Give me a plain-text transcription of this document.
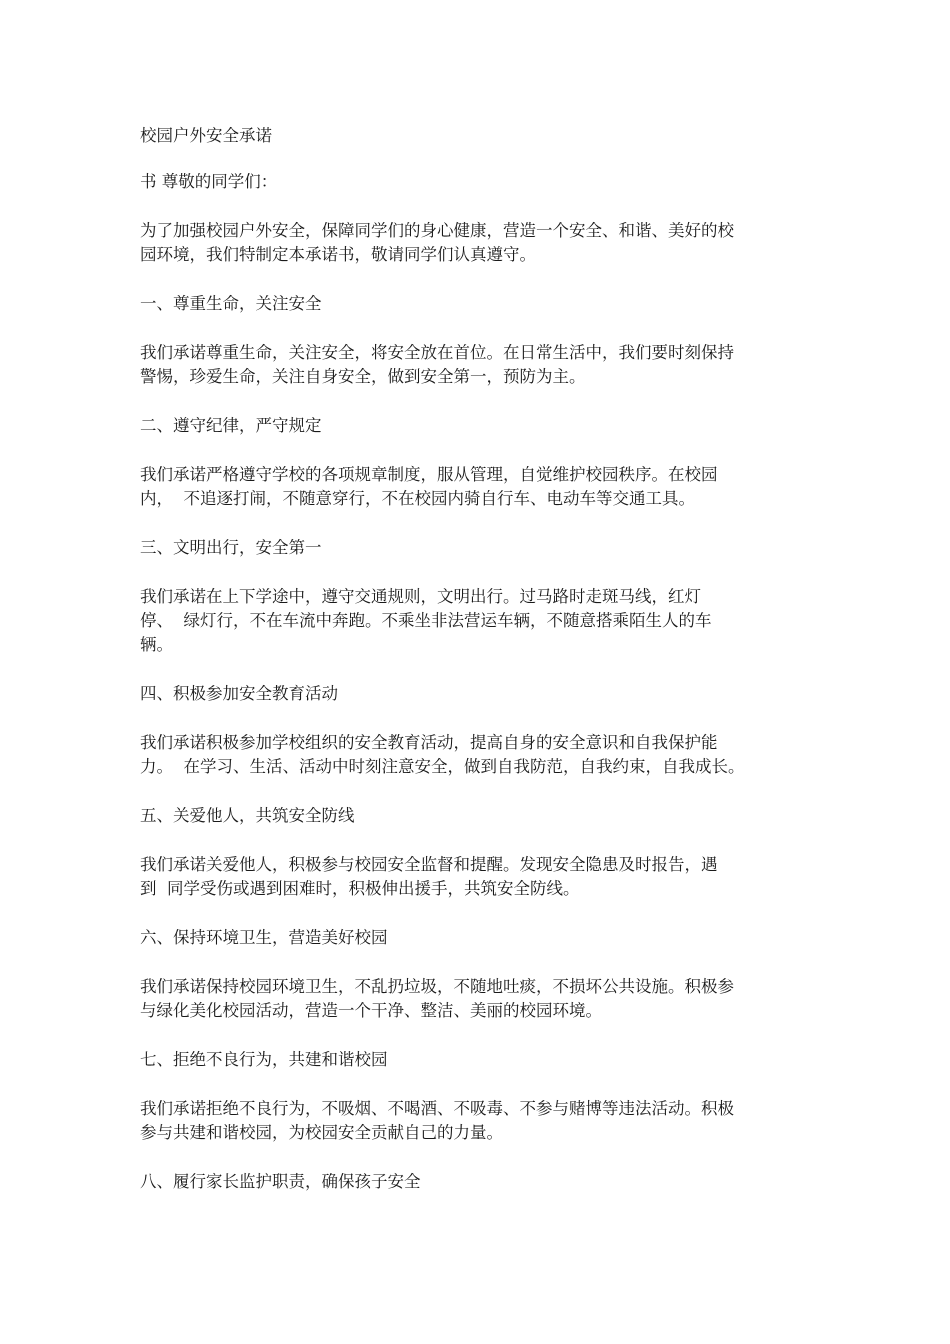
校园户外安全承诺
书 尊敬的同学们：
为了加强校园户外安全，保障同学们的身心健康，营造一个安全、和谐、美好的校
园环境，我们特制定本承诺书，敬请同学们认真遵守。
一、尊重生命，关注安全
我们承诺尊重生命，关注安全，将安全放在首位。在日常生活中，我们要时刻保持
警惕，珍爱生命，关注自身安全，做到安全第一，预防为主。
二、遵守纪律，严守规定
我们承诺严格遵守学校的各项规章制度，服从管理，自觉维护校园秩序。在校园
内，  不追逐打闹，不随意穿行，不在校园内骑自行车、电动车等交通工具。
三、文明出行，安全第一
我们承诺在上下学途中，遵守交通规则，文明出行。过马路时走斑马线，红灯
停、  绿灯行，不在车流中奔跑。不乘坐非法营运车辆，不随意搭乘陌生人的车
辆。
四、积极参加安全教育活动
我们承诺积极参加学校组织的安全教育活动，提高自身的安全意识和自我保护能
力。  在学习、生活、活动中时刻注意安全，做到自我防范，自我约束，自我成长。
五、关爱他人，共筑安全防线
我们承诺关爱他人，积极参与校园安全监督和提醒。发现安全隐患及时报告，遇
到  同学受伤或遇到困难时，积极伸出援手，共筑安全防线。
六、保持环境卫生，营造美好校园
我们承诺保持校园环境卫生，不乱扔垃圾，不随地吐痰，不损坏公共设施。积极参
与绿化美化校园活动，营造一个干净、整洁、美丽的校园环境。
七、拒绝不良行为，共建和谐校园
我们承诺拒绝不良行为，不吸烟、不喝酒、不吸毒、不参与赌博等违法活动。积极
参与共建和谐校园，为校园安全贡献自己的力量。
八、履行家长监护职责，确保孩子安全
